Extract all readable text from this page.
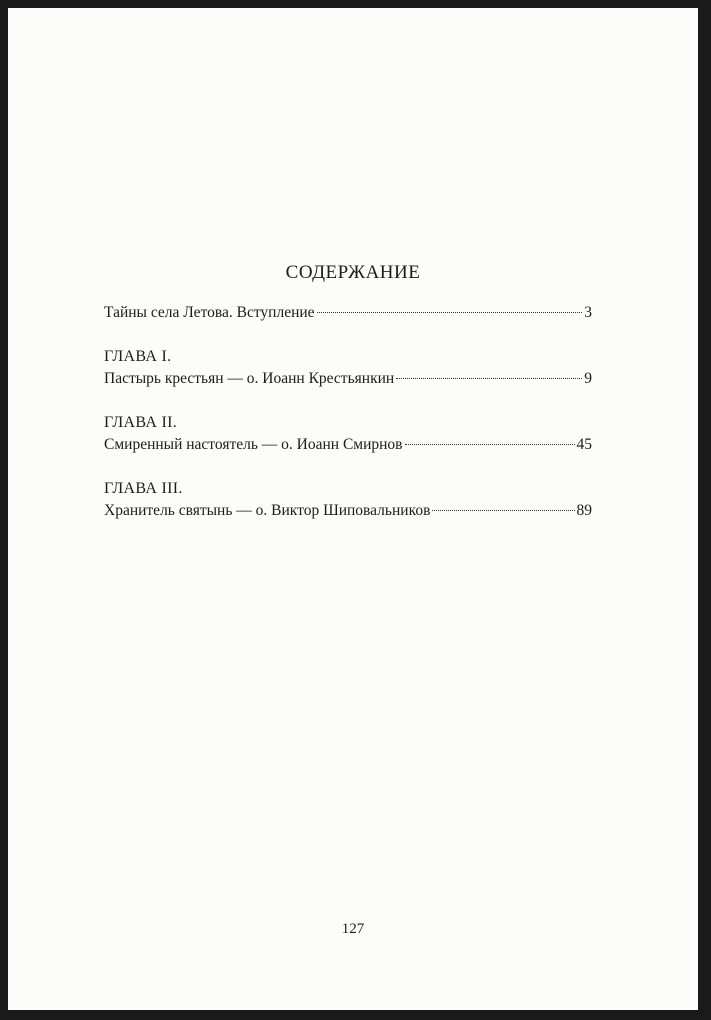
СОДЕРЖАНИЕ
Тайны села Летова. Вступление	3
ГЛАВА I.
Пастырь крестьян — о. Иоанн Крестьянкин	9
ГЛАВА II.
Смиренный настоятель — о. Иоанн Смирнов	45
ГЛАВА III.
Хранитель святынь — о. Виктор Шиповальников	89
127
